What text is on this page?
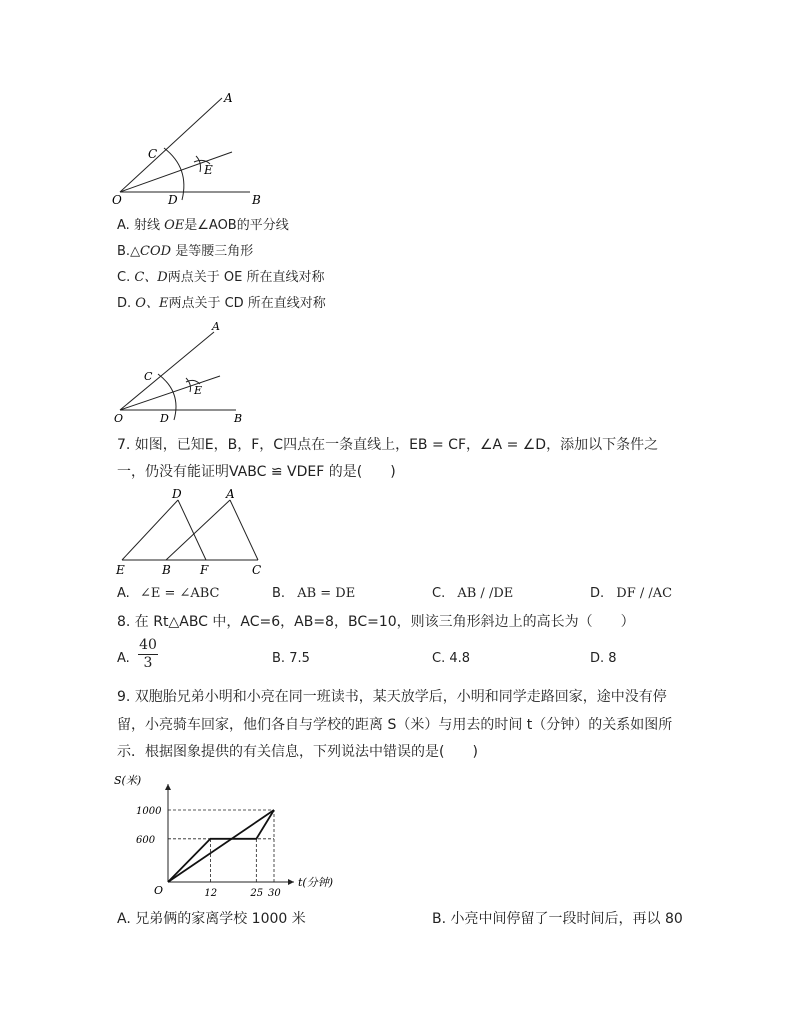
A
C
E
O	D	B
A. 射线 OE是∠AOB的平分线
B.△COD 是等腰三角形
C. C、D两点关于 OE 所在直线对称
D. O、E两点关于 CD 所在直线对称
A
C
E
O	D	B
7. 如图，已知E，B，F，C四点在一条直线上，EB = CF，∠A = ∠D，添加以下条件之
一，仍没有能证明VABC ≌ VDEF 的是(　　)
D	A
E	B F	C
A. ∠E = ∠ABC	B. AB = DE	C. AB / /DE	D. DF / /AC
8. 在 Rt△ABC 中，AC=6，AB=8，BC=10，则该三角形斜边上的高长为（　　）
A.
40
3	B. 7.5	C. 4.8	D. 8
9. 双胞胎兄弟小明和小亮在同一班读书，某天放学后，小明和同学走路回家，途中没有停
留，小亮骑车回家，他们各自与学校的距离 S（米）与用去的时间 t（分钟）的关系如图所
示．根据图象提供的有关信息，下列说法中错误的是(　　)
S(米)
t(分钟)
O
600
1000
12	25 30
A. 兄弟俩的家离学校 1000 米	B. 小亮中间停留了一段时间后，再以 80
